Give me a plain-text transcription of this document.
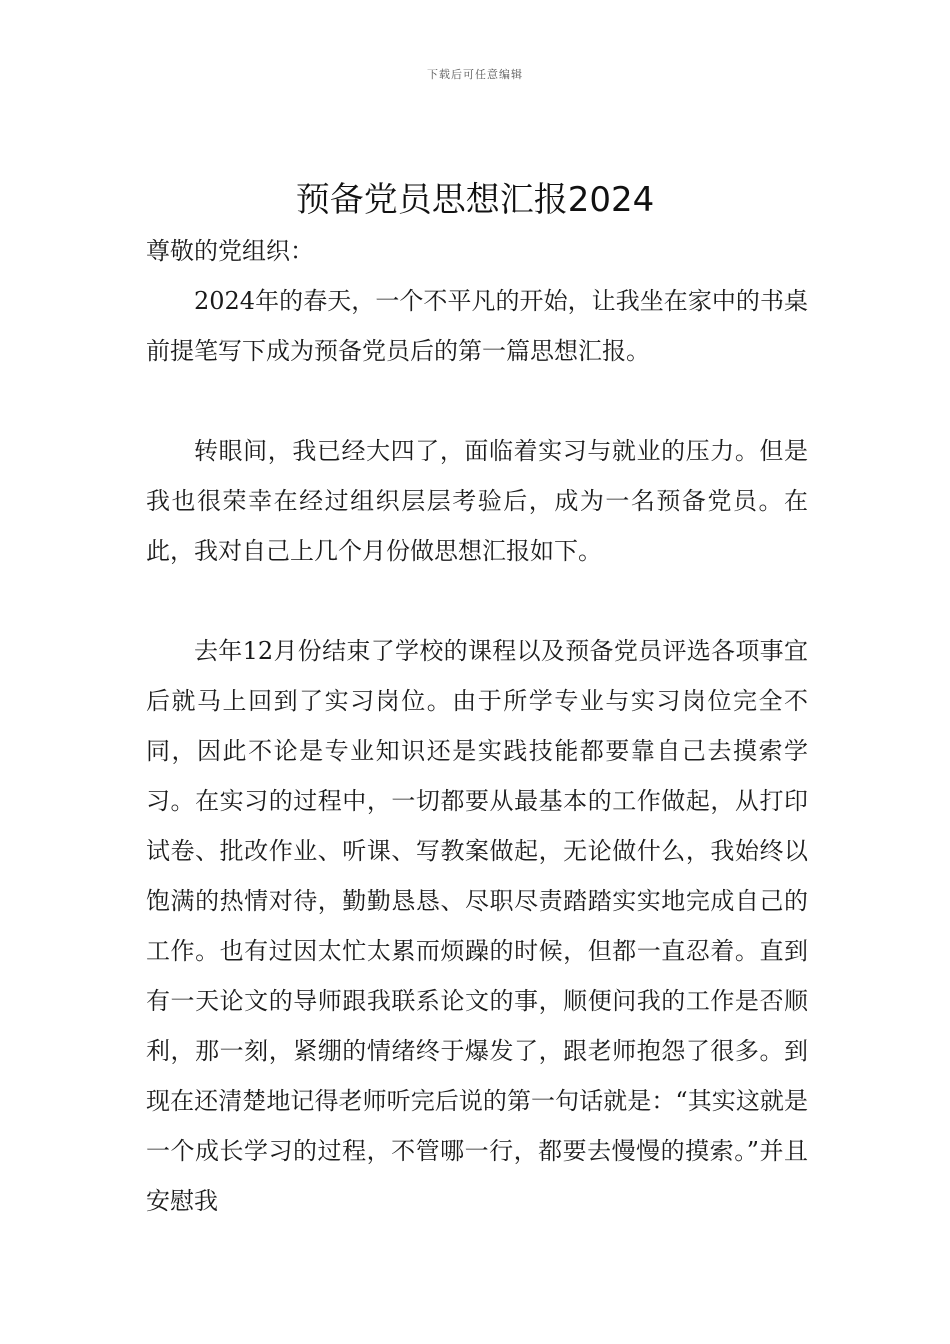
下载后可任意编辑
预备党员思想汇报2024

尊敬的党组织：

2024年的春天，一个不平凡的开始，让我坐在家中的书桌前提笔写下成为预备党员后的第一篇思想汇报。

转眼间，我已经大四了，面临着实习与就业的压力。但是我也很荣幸在经过组织层层考验后，成为一名预备党员。在此，我对自己上几个月份做思想汇报如下。

去年12月份结束了学校的课程以及预备党员评选各项事宜后就马上回到了实习岗位。由于所学专业与实习岗位完全不同，因此不论是专业知识还是实践技能都要靠自己去摸索学习。在实习的过程中，一切都要从最基本的工作做起，从打印试卷、批改作业、听课、写教案做起，无论做什么，我始终以饱满的热情对待，勤勤恳恳、尽职尽责踏踏实实地完成自己的工作。也有过因太忙太累而烦躁的时候，但都一直忍着。直到有一天论文的导师跟我联系论文的事，顺便问我的工作是否顺利，那一刻，紧绷的情绪终于爆发了，跟老师抱怨了很多。到现在还清楚地记得老师听完后说的第一句话就是：“其实这就是一个成长学习的过程，不管哪一行，都要去慢慢的摸索。”并且安慰我
